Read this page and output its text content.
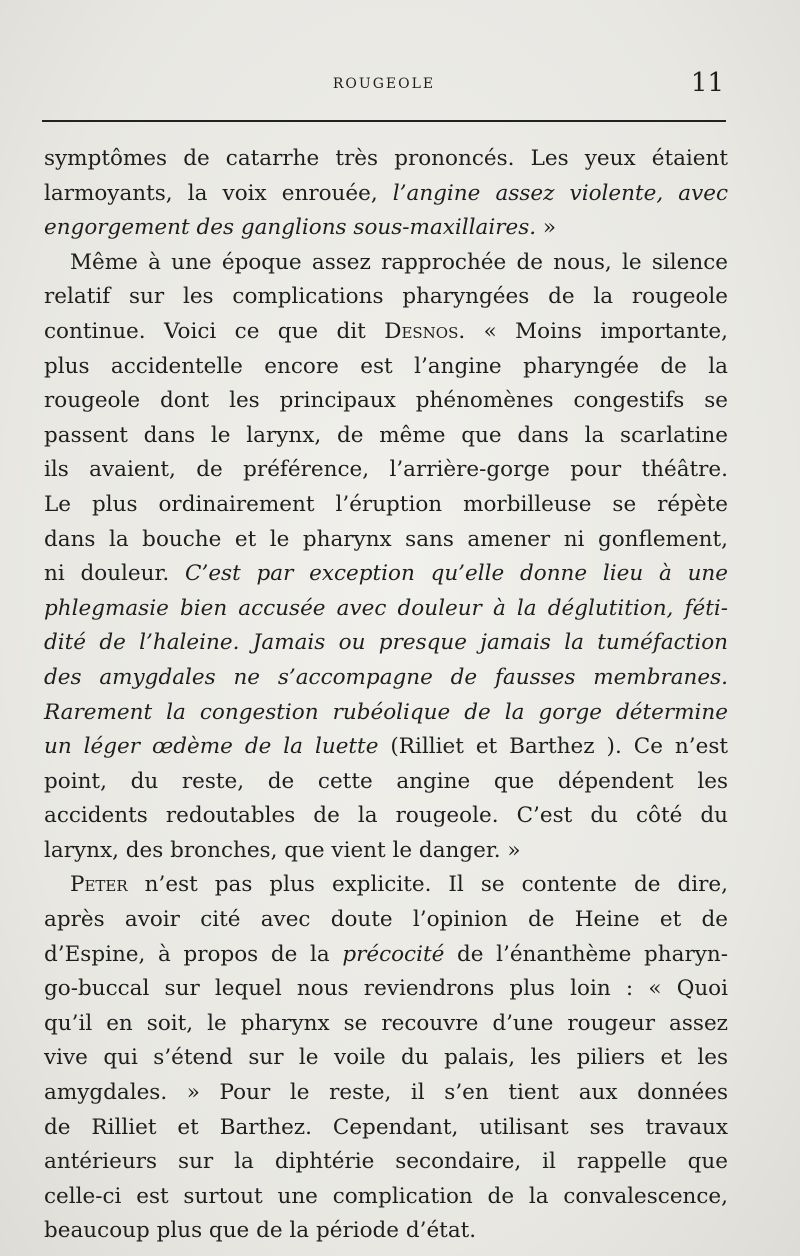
ROUGEOLE	11
symptômes de catarrhe très prononcés. Les yeux étaient
larmoyants, la voix enrouée, l’angine assez violente, avec
engorgement des ganglions sous-maxillaires. »
Même à une époque assez rapprochée de nous, le silence
relatif sur les complications pharyngées de la rougeole
continue. Voici ce que dit Desnos. « Moins importante,
plus accidentelle encore est l’angine pharyngée de la
rougeole dont les principaux phénomènes congestifs se
passent dans le larynx, de même que dans la scarlatine
ils avaient, de préférence, l’arrière-gorge pour théâtre.
Le plus ordinairement l’éruption morbilleuse se répète
dans la bouche et le pharynx sans amener ni gonflement,
ni douleur. C’est par exception qu’elle donne lieu à une
phlegmasie bien accusée avec douleur à la déglutition, féti-
dité de l’haleine. Jamais ou presque jamais la tuméfaction
des amygdales ne s’accompagne de fausses membranes.
Rarement la congestion rubéolique de la gorge détermine
un léger œdème de la luette (Rilliet et Barthez ). Ce n’est
point, du reste, de cette angine que dépendent les
accidents redoutables de la rougeole. C’est du côté du
larynx, des bronches, que vient le danger. »
Peter n’est pas plus explicite. Il se contente de dire,
après avoir cité avec doute l’opinion de Heine et de
d’Espine, à propos de la précocité de l’énanthème pharyn-
go-buccal sur lequel nous reviendrons plus loin : « Quoi
qu’il en soit, le pharynx se recouvre d’une rougeur assez
vive qui s’étend sur le voile du palais, les piliers et les
amygdales. » Pour le reste, il s’en tient aux données
de Rilliet et Barthez. Cependant, utilisant ses travaux
antérieurs sur la diphtérie secondaire, il rappelle que
celle-ci est surtout une complication de la convalescence,
beaucoup plus que de la période d’état.
